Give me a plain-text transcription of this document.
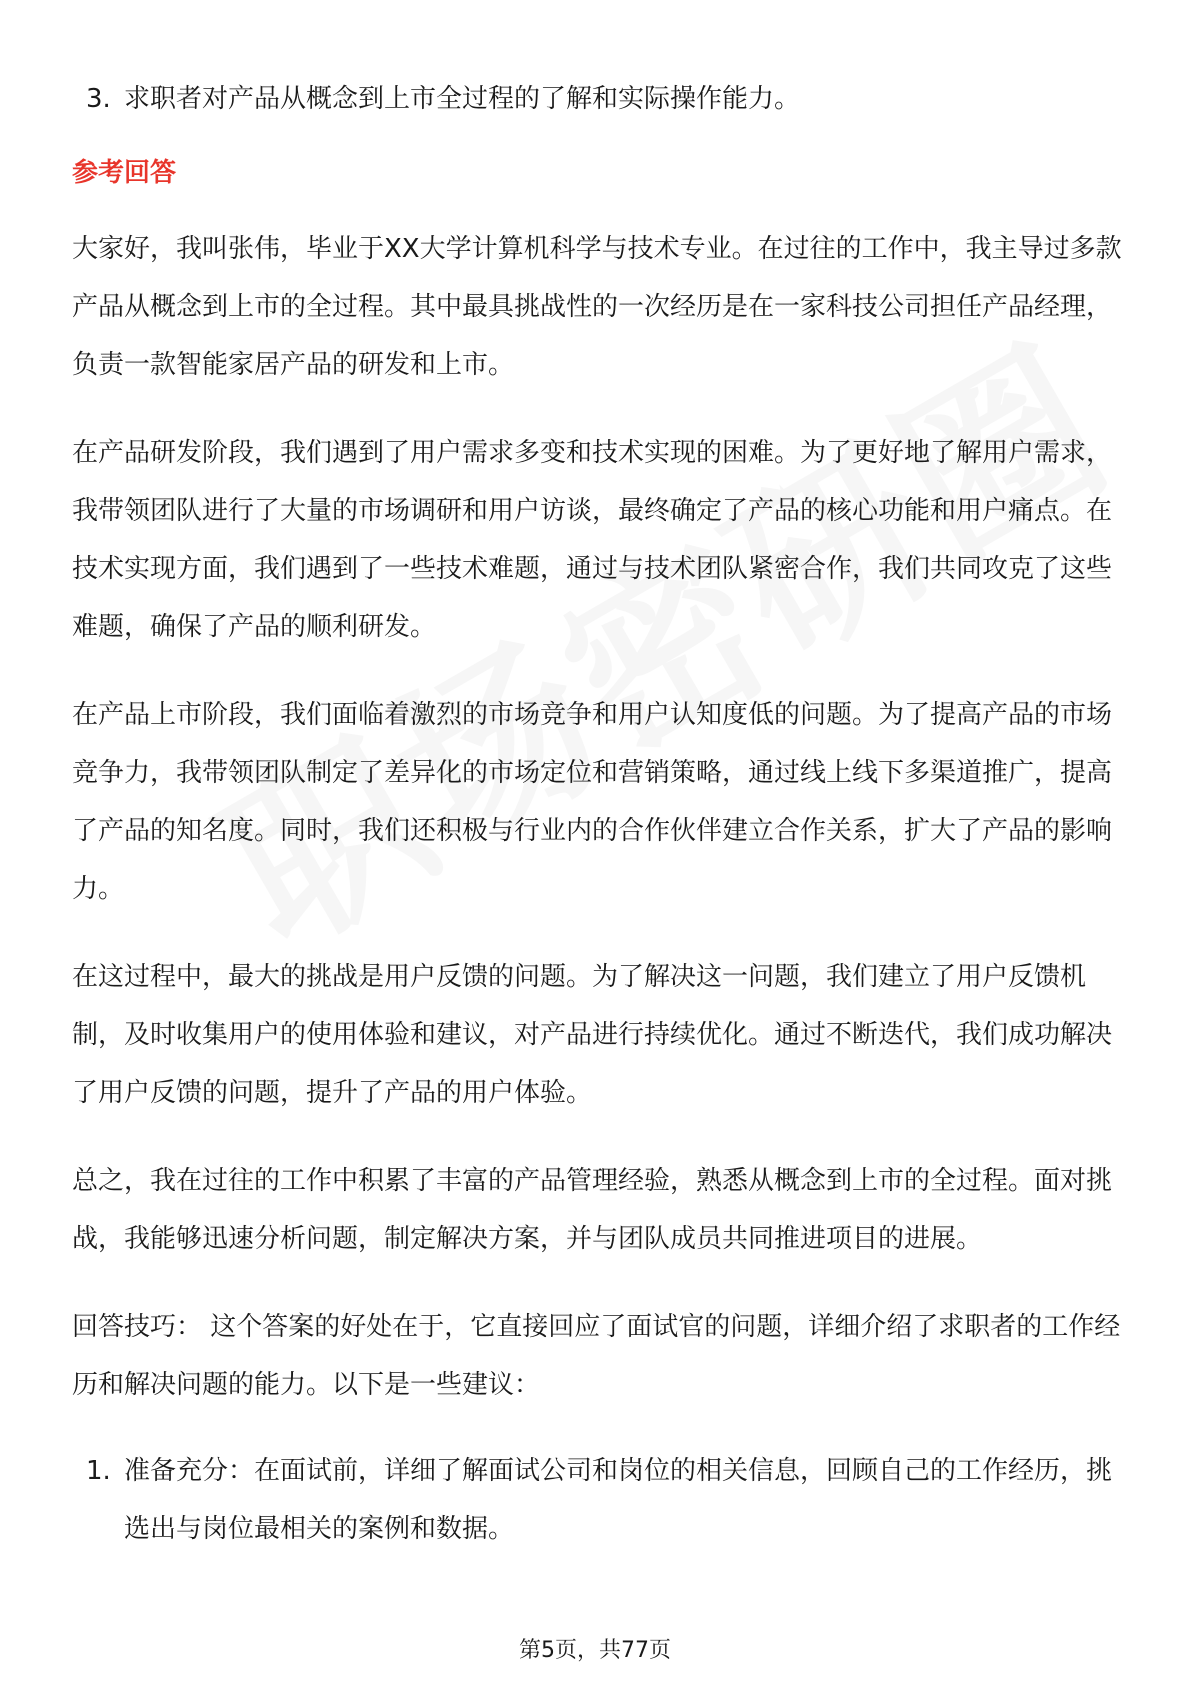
3. 求职者对产品从概念到上市全过程的了解和实际操作能力。
参考回答

大家好，我叫张伟，毕业于XX大学计算机科学与技术专业。在过往的工作中，我主导过多款产品从概念到上市的全过程。其中最具挑战性的一次经历是在一家科技公司担任产品经理，负责一款智能家居产品的研发和上市。

在产品研发阶段，我们遇到了用户需求多变和技术实现的困难。为了更好地了解用户需求，我带领团队进行了大量的市场调研和用户访谈，最终确定了产品的核心功能和用户痛点。在技术实现方面，我们遇到了一些技术难题，通过与技术团队紧密合作，我们共同攻克了这些难题，确保了产品的顺利研发。

在产品上市阶段，我们面临着激烈的市场竞争和用户认知度低的问题。为了提高产品的市场竞争力，我带领团队制定了差异化的市场定位和营销策略，通过线上线下多渠道推广，提高了产品的知名度。同时，我们还积极与行业内的合作伙伴建立合作关系，扩大了产品的影响力。

在这过程中，最大的挑战是用户反馈的问题。为了解决这一问题，我们建立了用户反馈机制，及时收集用户的使用体验和建议，对产品进行持续优化。通过不断迭代，我们成功解决了用户反馈的问题，提升了产品的用户体验。

总之，我在过往的工作中积累了丰富的产品管理经验，熟悉从概念到上市的全过程。面对挑战，我能够迅速分析问题，制定解决方案，并与团队成员共同推进项目的进展。

回答技巧： 这个答案的好处在于，它直接回应了面试官的问题，详细介绍了求职者的工作经历和解决问题的能力。以下是一些建议：

1. 准备充分：在面试前，详细了解面试公司和岗位的相关信息，回顾自己的工作经历，挑选出与岗位最相关的案例和数据。
第5页，共77页
